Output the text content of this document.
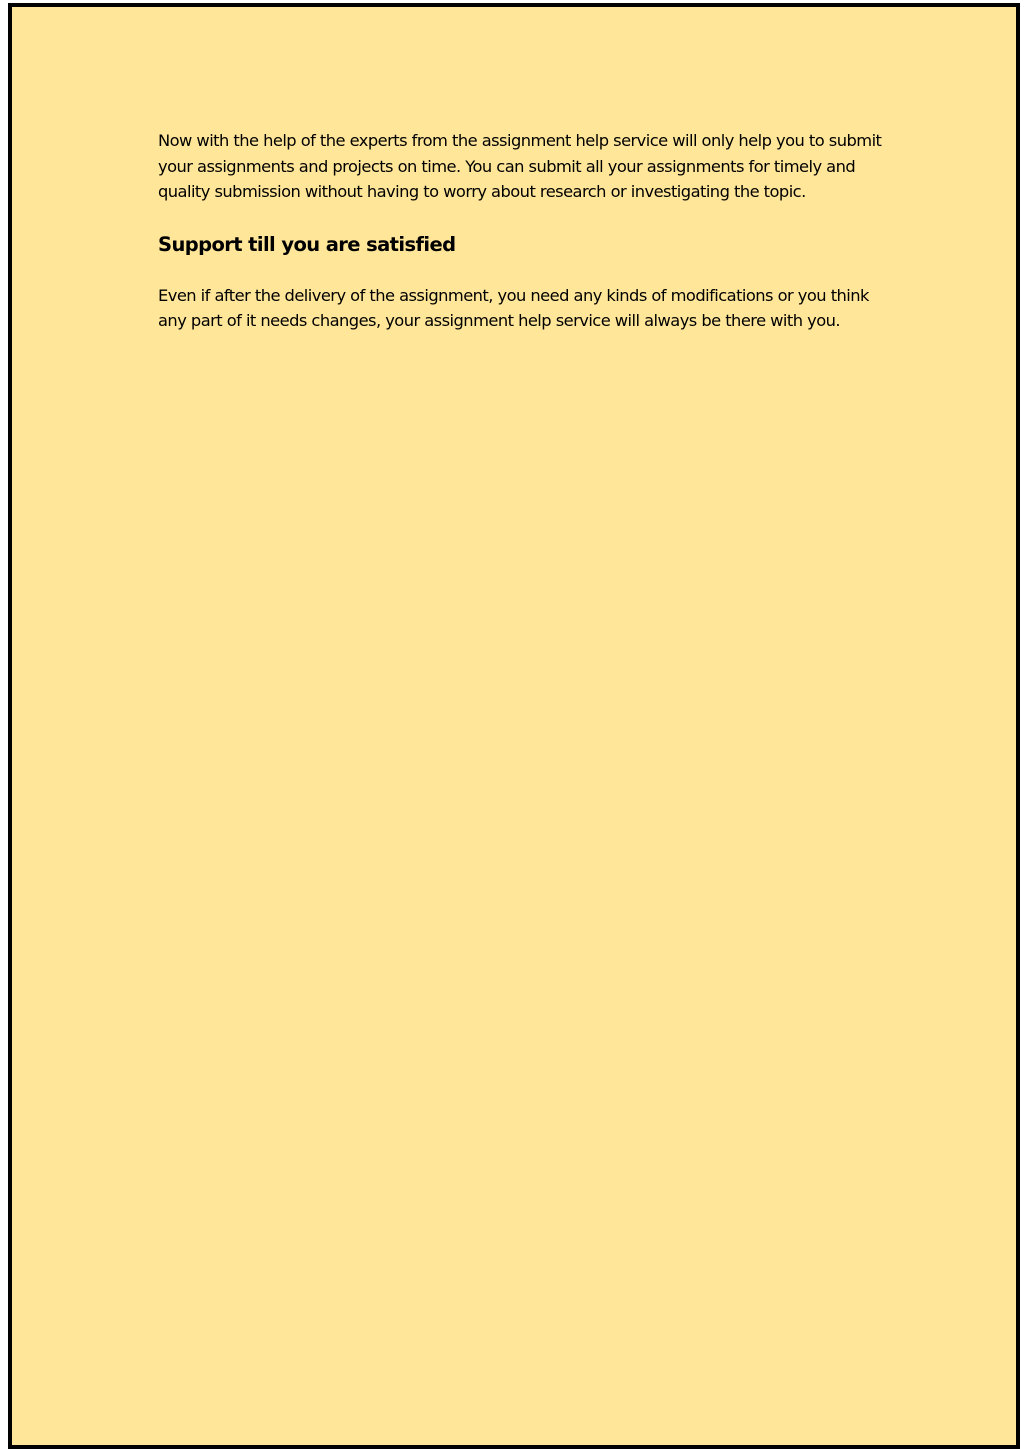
Now with the help of the experts from the assignment help service will only help you to submit your assignments and projects on time. You can submit all your assignments for timely and quality submission without having to worry about research or investigating the topic.

Support till you are satisfied

Even if after the delivery of the assignment, you need any kinds of modifications or you think any part of it needs changes, your assignment help service will always be there with you.
